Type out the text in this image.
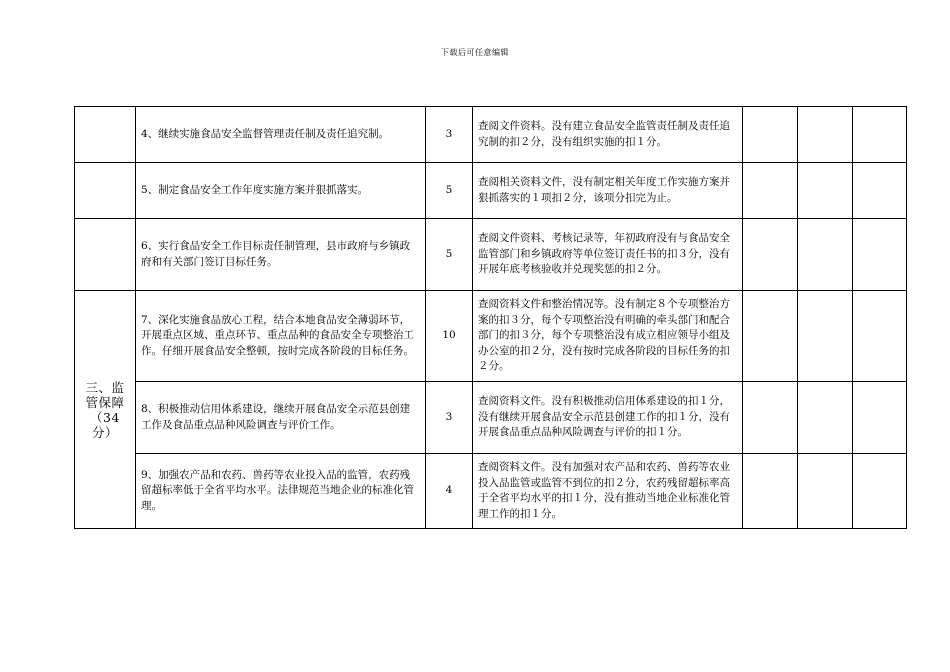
下载后可任意编辑
	4、继续实施食品安全监督管理责任制及责任追究制。	3	查阅文件资料。没有建立食品安全监管责任制及责任追究制的扣２分，没有组织实施的扣１分。			
	5、制定食品安全工作年度实施方案并狠抓落实。	5	查阅相关资料文件，没有制定相关年度工作实施方案并狠抓落实的１项扣２分，该项分扣完为止。			
	6、实行食品安全工作目标责任制管理，县市政府与乡镇政府和有关部门签订目标任务。	5	查阅文件资料、考核记录等，年初政府没有与食品安全监管部门和乡镇政府等单位签订责任书的扣３分，没有开展年底考核验收并兑现奖惩的扣２分。			
三、监
管保障
（34
分）	7、深化实施食品放心工程，结合本地食品安全薄弱环节，开展重点区域、重点环节、重点品种的食品安全专项整治工作。仔细开展食品安全整顿，按时完成各阶段的目标任务。	10	查阅资料文件和整治情况等。没有制定８个专项整治方案的扣３分，每个专项整治没有明确的牵头部门和配合部门的扣３分，每个专项整治没有成立相应领导小组及办公室的扣２分，没有按时完成各阶段的目标任务的扣２分。			
	8、积极推动信用体系建设，继续开展食品安全示范县创建工作及食品重点品种风险调查与评价工作。	3	查阅资料文件。没有积极推动信用体系建设的扣１分，没有继续开展食品安全示范县创建工作的扣１分，没有开展食品重点品种风险调查与评价的扣１分。			
	9、加强农产品和农药、兽药等农业投入品的监管，农药残留超标率低于全省平均水平。法律规范当地企业的标准化管理。	4	查阅资料文件。没有加强对农产品和农药、兽药等农业投入品监管或监管不到位的扣２分，农药残留超标率高于全省平均水平的扣１分，没有推动当地企业标准化管理工作的扣１分。			
